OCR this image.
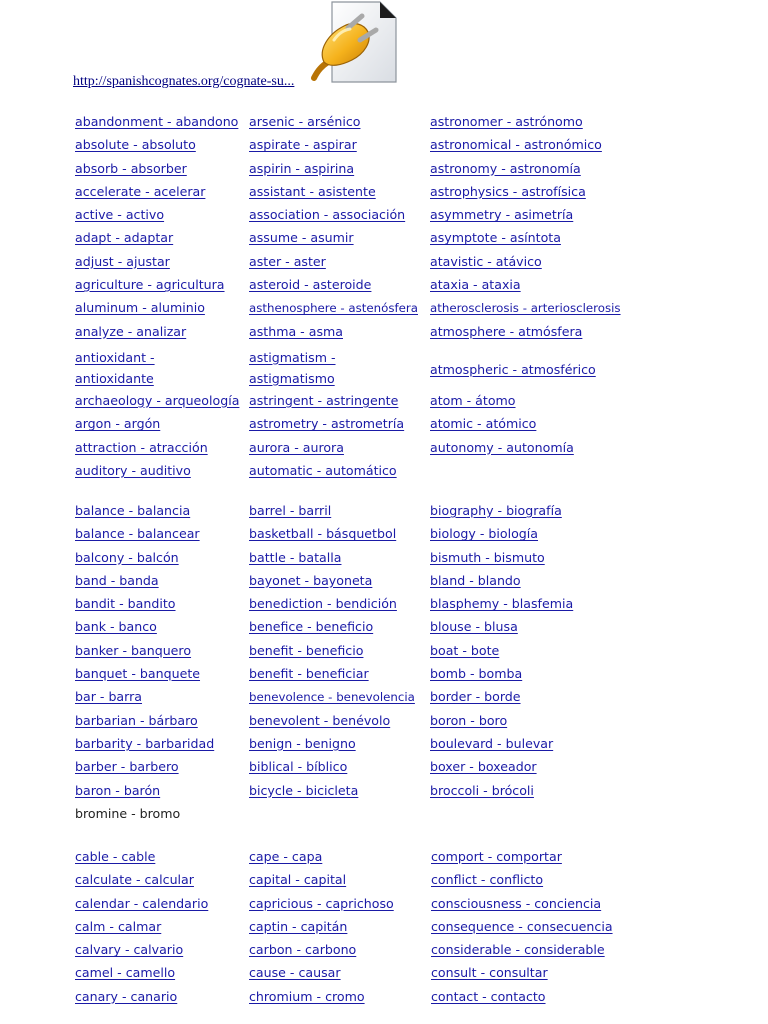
http://spanishcognates.org/cognate-su...
abandonment - abandono
absolute - absoluto
absorb - absorber
accelerate - acelerar
active - activo
adapt - adaptar
adjust - ajustar
agriculture - agricultura
aluminum - aluminio
analyze - analizar
antioxidant - antioxidante
archaeology - arqueología
argon - argón
attraction - atracción
auditory - auditivo
arsenic - arsénico
aspirate - aspirar
aspirin - aspirina
assistant - asistente
association - associación
assume - asumir
aster - aster
asteroid - asteroide
asthenosphere - astenósfera
asthma - asma
astigmatism - astigmatismo
astringent - astringente
astrometry - astrometría
aurora - aurora
automatic - automático
astronomer - astrónomo
astronomical - astronómico
astronomy - astronomía
astrophysics - astrofísica
asymmetry - asimetría
asymptote - asíntota
atavistic - atávico
ataxia - ataxia
atherosclerosis - arteriosclerosis
atmosphere - atmósfera
atmospheric - atmosférico
atom - átomo
atomic - atómico
autonomy - autonomía
balance - balancia
balance - balancear
balcony - balcón
band - banda
bandit - bandito
bank - banco
banker - banquero
banquet - banquete
bar - barra
barbarian - bárbaro
barbarity - barbaridad
barber - barbero
baron - barón
bromine - bromo
barrel - barril
basketball - básquetbol
battle - batalla
bayonet - bayoneta
benediction - bendición
benefice - beneficio
benefit - beneficio
benefit - beneficiar
benevolence - benevolencia
benevolent - benévolo
benign - benigno
biblical - bíblico
bicycle - bicicleta
biography - biografía
biology - biología
bismuth - bismuto
bland - blando
blasphemy - blasfemia
blouse - blusa
boat - bote
bomb - bomba
border - borde
boron - boro
boulevard - bulevar
boxer - boxeador
broccoli - brócoli
cable - cable
calculate - calcular
calendar - calendario
calm - calmar
calvary - calvario
camel - camello
canary - canario
cape - capa
capital - capital
capricious - caprichoso
captin - capitán
carbon - carbono
cause - causar
chromium - cromo
comport - comportar
conflict - conflicto
consciousness - conciencia
consequence - consecuencia
considerable - considerable
consult - consultar
contact - contacto
